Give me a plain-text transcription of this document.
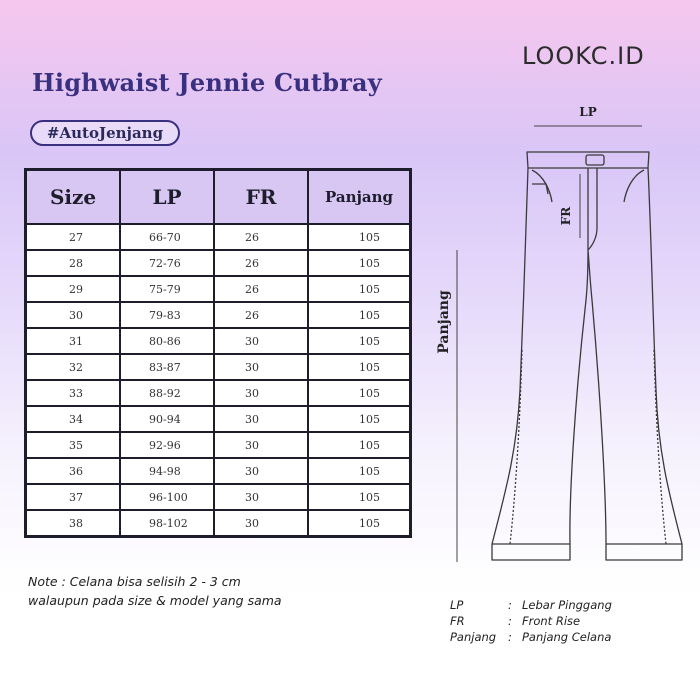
Highwaist Jennie Cutbray
#AutoJenjang
LOOKC.ID
Size	LP	FR	Panjang
27	66-70	26	105
28	72-76	26	105
29	75-79	26	105
30	79-83	26	105
31	80-86	30	105
32	83-87	30	105
33	88-92	30	105
34	90-94	30	105
35	92-96	30	105
36	94-98	30	105
37	96-100	30	105
38	98-102	30	105
Note : Celana bisa selisih 2 - 3 cm
walaupun pada size & model yang sama
LP
Panjang
FR
LP	: Lebar Pinggang
FR	: Front Rise
Panjang : Panjang Celana
